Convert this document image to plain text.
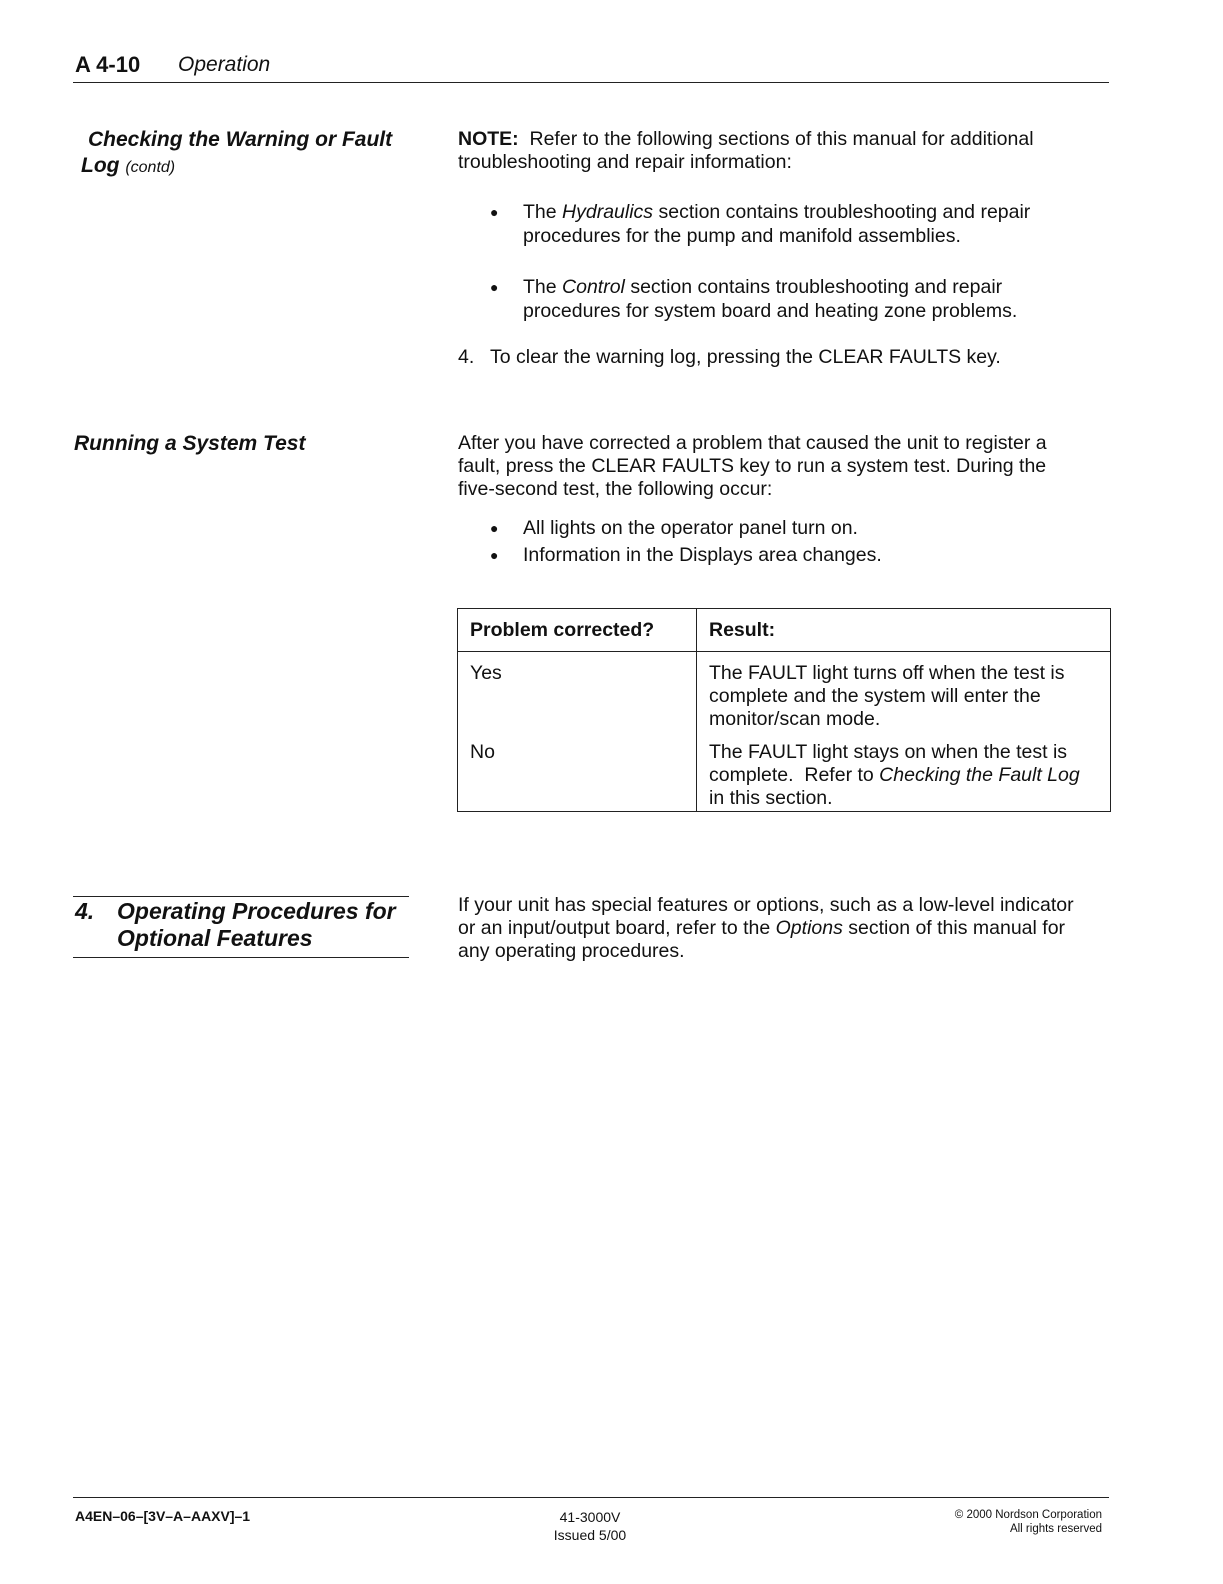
A 4-10 Operation
Checking the Warning or Fault
Log (contd)
NOTE:  Refer to the following sections of this manual for additional
troubleshooting and repair information:
● The Hydraulics section contains troubleshooting and repair
procedures for the pump and manifold assemblies.
● The Control section contains troubleshooting and repair
procedures for system board and heating zone problems.
4. To clear the warning log, pressing the CLEAR FAULTS key.
Running a System Test	After you have corrected a problem that caused the unit to register a
fault, press the CLEAR FAULTS key to run a system test. During the
five-second test, the following occur:
● All lights on the operator panel turn on.
● Information in the Displays area changes.
Problem corrected?	Result:
Yes	The FAULT light turns off when the test is
complete and the system will enter the
monitor/scan mode.

No	The FAULT light stays on when the test is
complete.  Refer to Checking the Fault Log
in this section.
4. Operating Procedures for
Optional Features
If your unit has special features or options, such as a low-level indicator
or an input/output board, refer to the Options section of this manual for
any operating procedures.
A4EN–06–[3V–A–AAXV]–1	41-3000V
Issued 5/00
© 2000 Nordson Corporation
All rights reserved
